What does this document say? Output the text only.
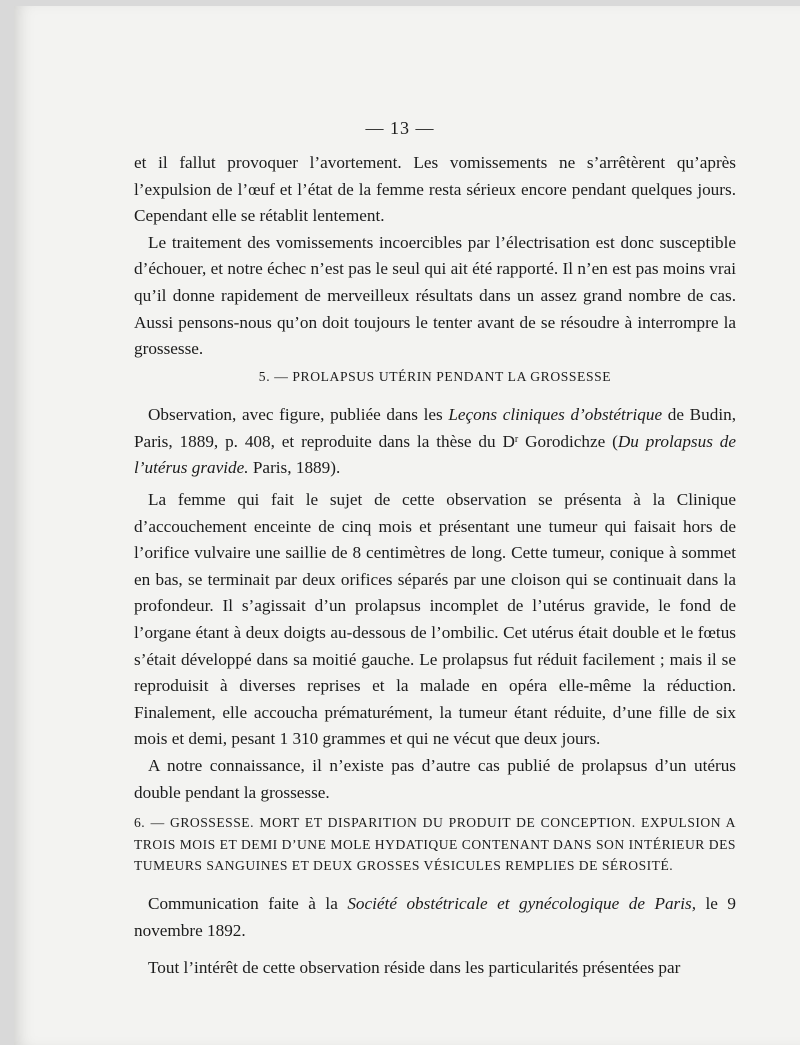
— 13 —

et il fallut provoquer l’avortement. Les vomissements ne s’arrêtèrent qu’après l’expulsion de l’œuf et l’état de la femme resta sérieux encore pendant quelques jours. Cependant elle se rétablit lentement.

Le traitement des vomissements incoercibles par l’électrisation est donc susceptible d’échouer, et notre échec n’est pas le seul qui ait été rapporté. Il n’en est pas moins vrai qu’il donne rapidement de merveilleux résultats dans un assez grand nombre de cas. Aussi pensons-nous qu’on doit toujours le tenter avant de se résoudre à interrompre la grossesse.

5. — PROLAPSUS UTÉRIN PENDANT LA GROSSESSE

Observation, avec figure, publiée dans les Leçons cliniques d’obstétrique de Budin, Paris, 1889, p. 408, et reproduite dans la thèse du $D^r$ Gorodichze (Du prolapsus de l’utérus gravide. Paris, 1889).

La femme qui fait le sujet de cette observation se présenta à la Clinique d’accouchement enceinte de cinq mois et présentant une tumeur qui faisait hors de l’orifice vulvaire une saillie de 8 centimètres de long. Cette tumeur, conique à sommet en bas, se terminait par deux orifices séparés par une cloison qui se continuait dans la profondeur. Il s’agissait d’un prolapsus incomplet de l’utérus gravide, le fond de l’organe étant à deux doigts au-dessous de l’ombilic. Cet utérus était double et le fœtus s’était développé dans sa moitié gauche. Le prolapsus fut réduit facilement ; mais il se reproduisit à diverses reprises et la malade en opéra elle-même la réduction. Finalement, elle accoucha prématurément, la tumeur étant réduite, d’une fille de six mois et demi, pesant 1 310 grammes et qui ne vécut que deux jours.

A notre connaissance, il n’existe pas d’autre cas publié de prolapsus d’un utérus double pendant la grossesse.

6. — GROSSESSE. MORT ET DISPARITION DU PRODUIT DE CONCEPTION. EXPULSION A TROIS MOIS ET DEMI D’UNE MOLE HYDATIQUE CONTENANT DANS SON INTÉRIEUR DES TUMEURS SANGUINES ET DEUX GROSSES VÉSICULES REMPLIES DE SÉROSITÉ.

Communication faite à la Société obstétricale et gynécologique de Paris, le 9 novembre 1892.

Tout l’intérêt de cette observation réside dans les particularités présentées par
